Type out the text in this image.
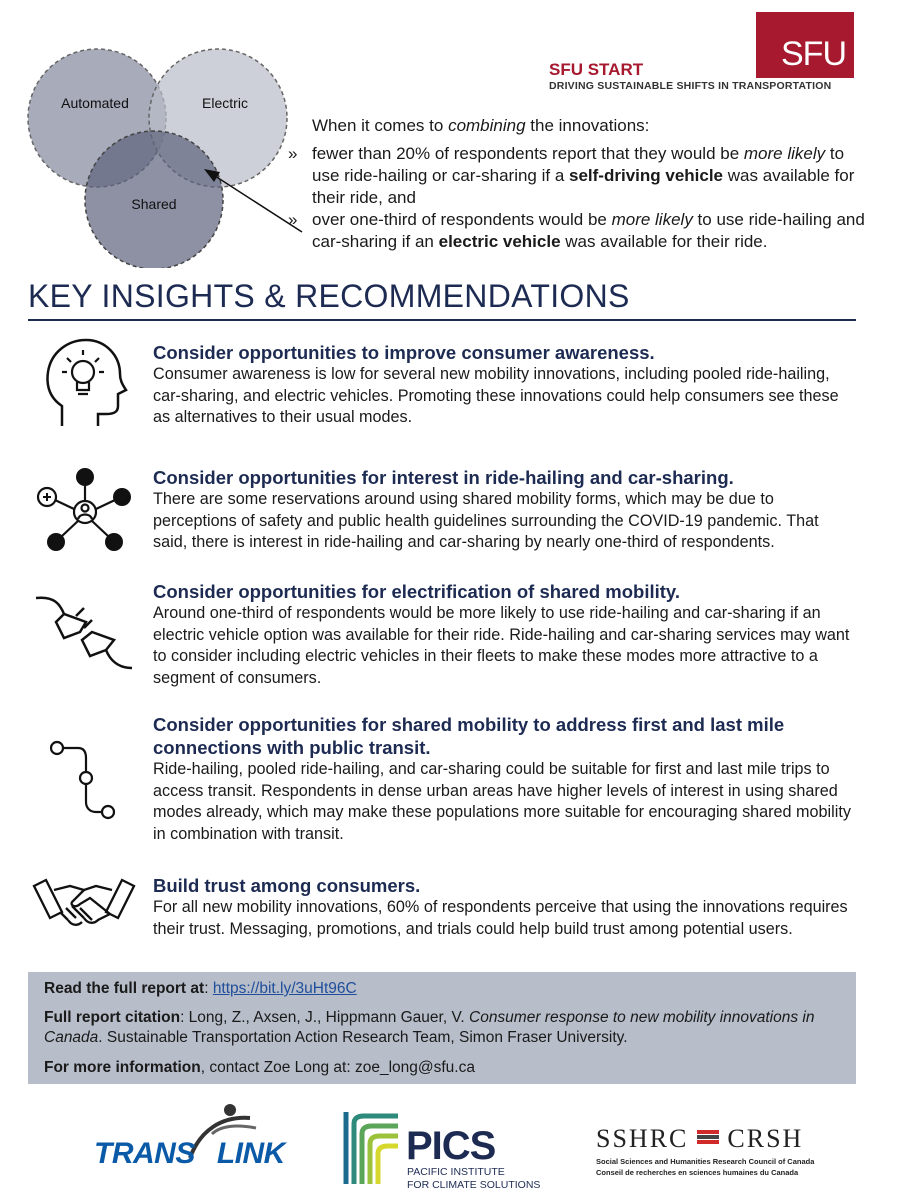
Automated	Electric
Shared
SFU
SFU START
DRIVING SUSTAINABLE SHIFTS IN TRANSPORTATION

When it comes to combining the innovations:

» fewer than 20% of respondents report that they would be more likely to use ride-hailing or car-sharing if a self-driving vehicle was available for their ride, and
» over one-third of respondents would be more likely to use ride-hailing and car-sharing if an electric vehicle was available for their ride.
KEY INSIGHTS & RECOMMENDATIONS
Consider opportunities to improve consumer awareness.

Consumer awareness is low for several new mobility innovations, including pooled ride-hailing, car-sharing, and electric vehicles. Promoting these innovations could help consumers see these as alternatives to their usual modes.

Consider opportunities for interest in ride-hailing and car-sharing.

There are some reservations around using shared mobility forms, which may be due to perceptions of safety and public health guidelines surrounding the COVID-19 pandemic. That said, there is interest in ride-hailing and car-sharing by nearly one-third of respondents.

Consider opportunities for electrification of shared mobility.

Around one-third of respondents would be more likely to use ride-hailing and car-sharing if an electric vehicle option was available for their ride. Ride-hailing and car-sharing services may want to consider including electric vehicles in their fleets to make these modes more attractive to a segment of consumers.

Consider opportunities for shared mobility to address first and last mile connections with public transit.

Ride-hailing, pooled ride-hailing, and car-sharing could be suitable for first and last mile trips to access transit. Respondents in dense urban areas have higher levels of interest in using shared modes already, which may make these populations more suitable for encouraging shared mobility in combination with transit.

Build trust among consumers.

For all new mobility innovations, 60% of respondents perceive that using the innovations requires their trust. Messaging, promotions, and trials could help build trust among potential users.

Read the full report at: https://bit.ly/3uHt96C
Full report citation: Long, Z., Axsen, J., Hippmann Gauer, V. Consumer response to new mobility innovations in Canada. Sustainable Transportation Action Research Team, Simon Fraser University.
For more information, contact Zoe Long at: zoe_long@sfu.ca
TRANS LINK	PICS
PACIFIC INSTITUTE
FOR CLIMATE SOLUTIONS
SSHRC CRSH
Social Sciences and Humanities Research Council of Canada
Conseil de recherches en sciences humaines du Canada
